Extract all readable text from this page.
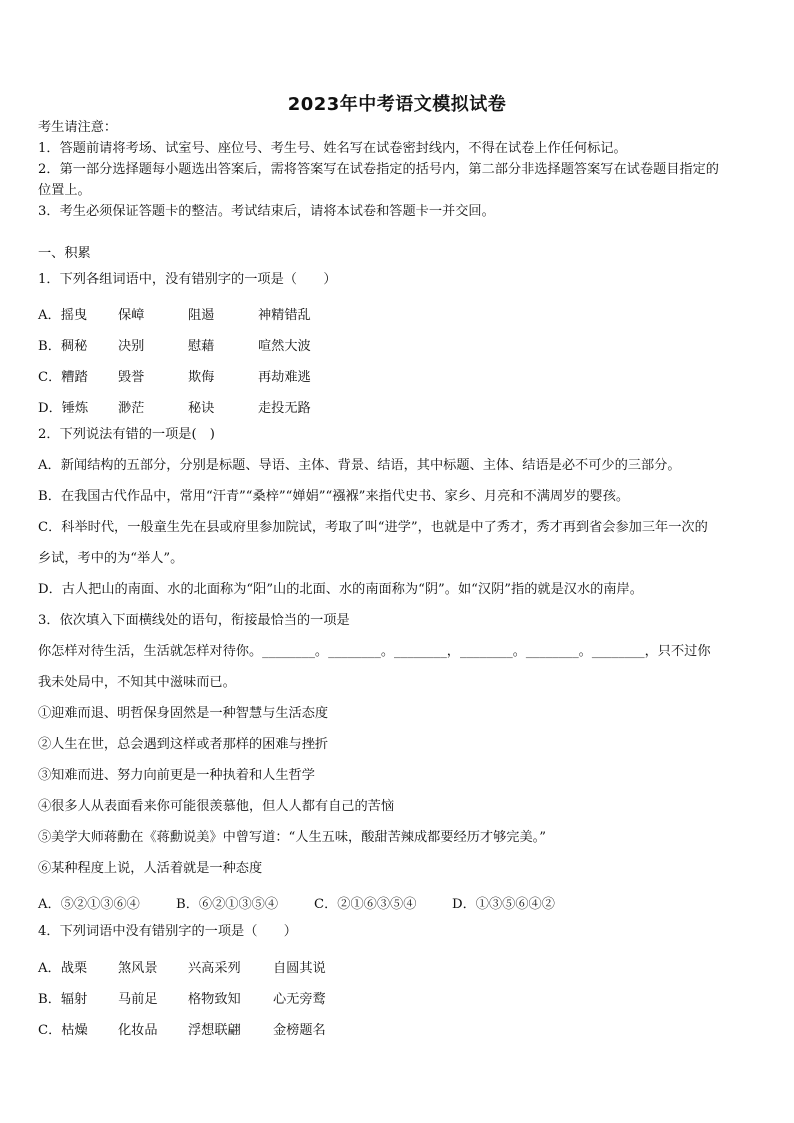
2023年中考语文模拟试卷
考生请注意：
1．答题前请将考场、试室号、座位号、考生号、姓名写在试卷密封线内，不得在试卷上作任何标记。
2．第一部分选择题每小题选出答案后，需将答案写在试卷指定的括号内，第二部分非选择题答案写在试卷题目指定的
位置上。
3．考生必须保证答题卡的整洁。考试结束后，请将本试卷和答题卡一并交回。
一、积累
1．下列各组词语中，没有错别字的一项是（　　）
A．摇曳 保嶂	阻遏	神精错乱
B．稠秘 决别	慰藉	喧然大波
C．糟踏 毁誉	欺侮	再劫难逃
D．锤炼 渺茫	秘诀	走投无路
2．下列说法有错的一项是(　)
A．新闻结构的五部分，分别是标题、导语、主体、背景、结语，其中标题、主体、结语是必不可少的三部分。
B．在我国古代作品中，常用“汗青”“桑梓”“婵娟”“襁褓”来指代史书、家乡、月亮和不满周岁的婴孩。
C．科举时代，一般童生先在县或府里参加院试，考取了叫“进学”，也就是中了秀才，秀才再到省会参加三年一次的
乡试，考中的为“举人”。
D．古人把山的南面、水的北面称为“阳”山的北面、水的南面称为“阴”。如“汉阴”指的就是汉水的南岸。
3．依次填入下面横线处的语句，衔接最恰当的一项是
你怎样对待生活，生活就怎样对待你。________。________。________，________。________。________，只不过你
我未处局中，不知其中滋味而已。
①迎难而退、明哲保身固然是一种智慧与生活态度
②人生在世，总会遇到这样或者那样的困难与挫折
③知难而进、努力向前更是一种执着和人生哲学
④很多人从表面看来你可能很羡慕他，但人人都有自己的苦恼
⑤美学大师蒋勳在《蒋勳说美》中曾写道：“人生五味，酸甜苦辣成都要经历才够完美。”
⑥某种程度上说，人活着就是一种态度
A．⑤②①③⑥④	B．⑥②①③⑤④	C．②①⑥③⑤④	D．①③⑤⑥④②
4．下列词语中没有错别字的一项是（　　）
A．战栗 煞风景 兴高采列 自圆其说
B．辐射 马前足 格物致知 心无旁鹜
C．枯燥 化妆品 浮想联翩 金榜题名
